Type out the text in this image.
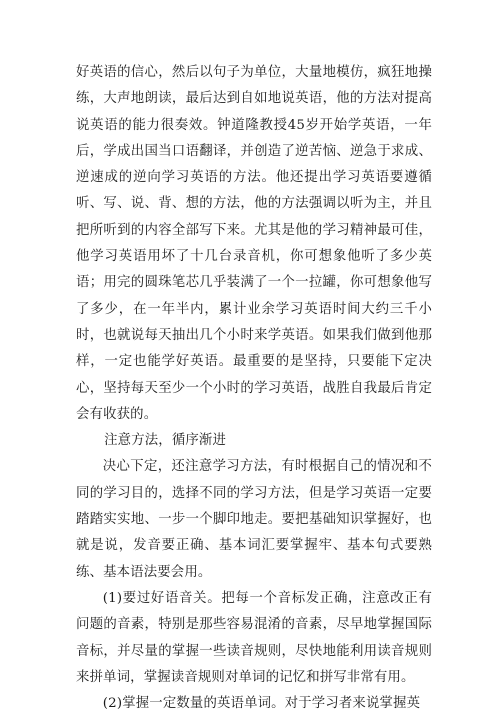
好英语的信心，然后以句子为单位，大量地模仿，疯狂地操练，大声地朗读，最后达到自如地说英语，他的方法对提高说英语的能力很奏效。钟道隆教授45岁开始学英语，一年后，学成出国当口语翻译，并创造了逆苦恼、逆急于求成、逆速成的逆向学习英语的方法。他还提出学习英语要遵循听、写、说、背、想的方法，他的方法强调以听为主，并且把所听到的内容全部写下来。尤其是他的学习精神最可佳，他学习英语用坏了十几台录音机，你可想象他听了多少英语；用完的圆珠笔芯几乎装满了一个一拉罐，你可想象他写了多少，在一年半内，累计业余学习英语时间大约三千小时，也就说每天抽出几个小时来学英语。如果我们做到他那样，一定也能学好英语。最重要的是坚持，只要能下定决心，坚持每天至少一个小时的学习英语，战胜自我最后肯定会有收获的。

注意方法，循序渐进

决心下定，还注意学习方法，有时根据自己的情况和不同的学习目的，选择不同的学习方法，但是学习英语一定要踏踏实实地、一步一个脚印地走。要把基础知识掌握好，也就是说，发音要正确、基本词汇要掌握牢、基本句式要熟练、基本语法要会用。

(1)要过好语音关。把每一个音标发正确，注意改正有问题的音素，特别是那些容易混淆的音素，尽早地掌握国际音标，并尽量的掌握一些读音规则，尽快地能利用读音规则来拼单词，掌握读音规则对单词的记忆和拼写非常有用。

(2)掌握一定数量的英语单词。对于学习者来说掌握英
